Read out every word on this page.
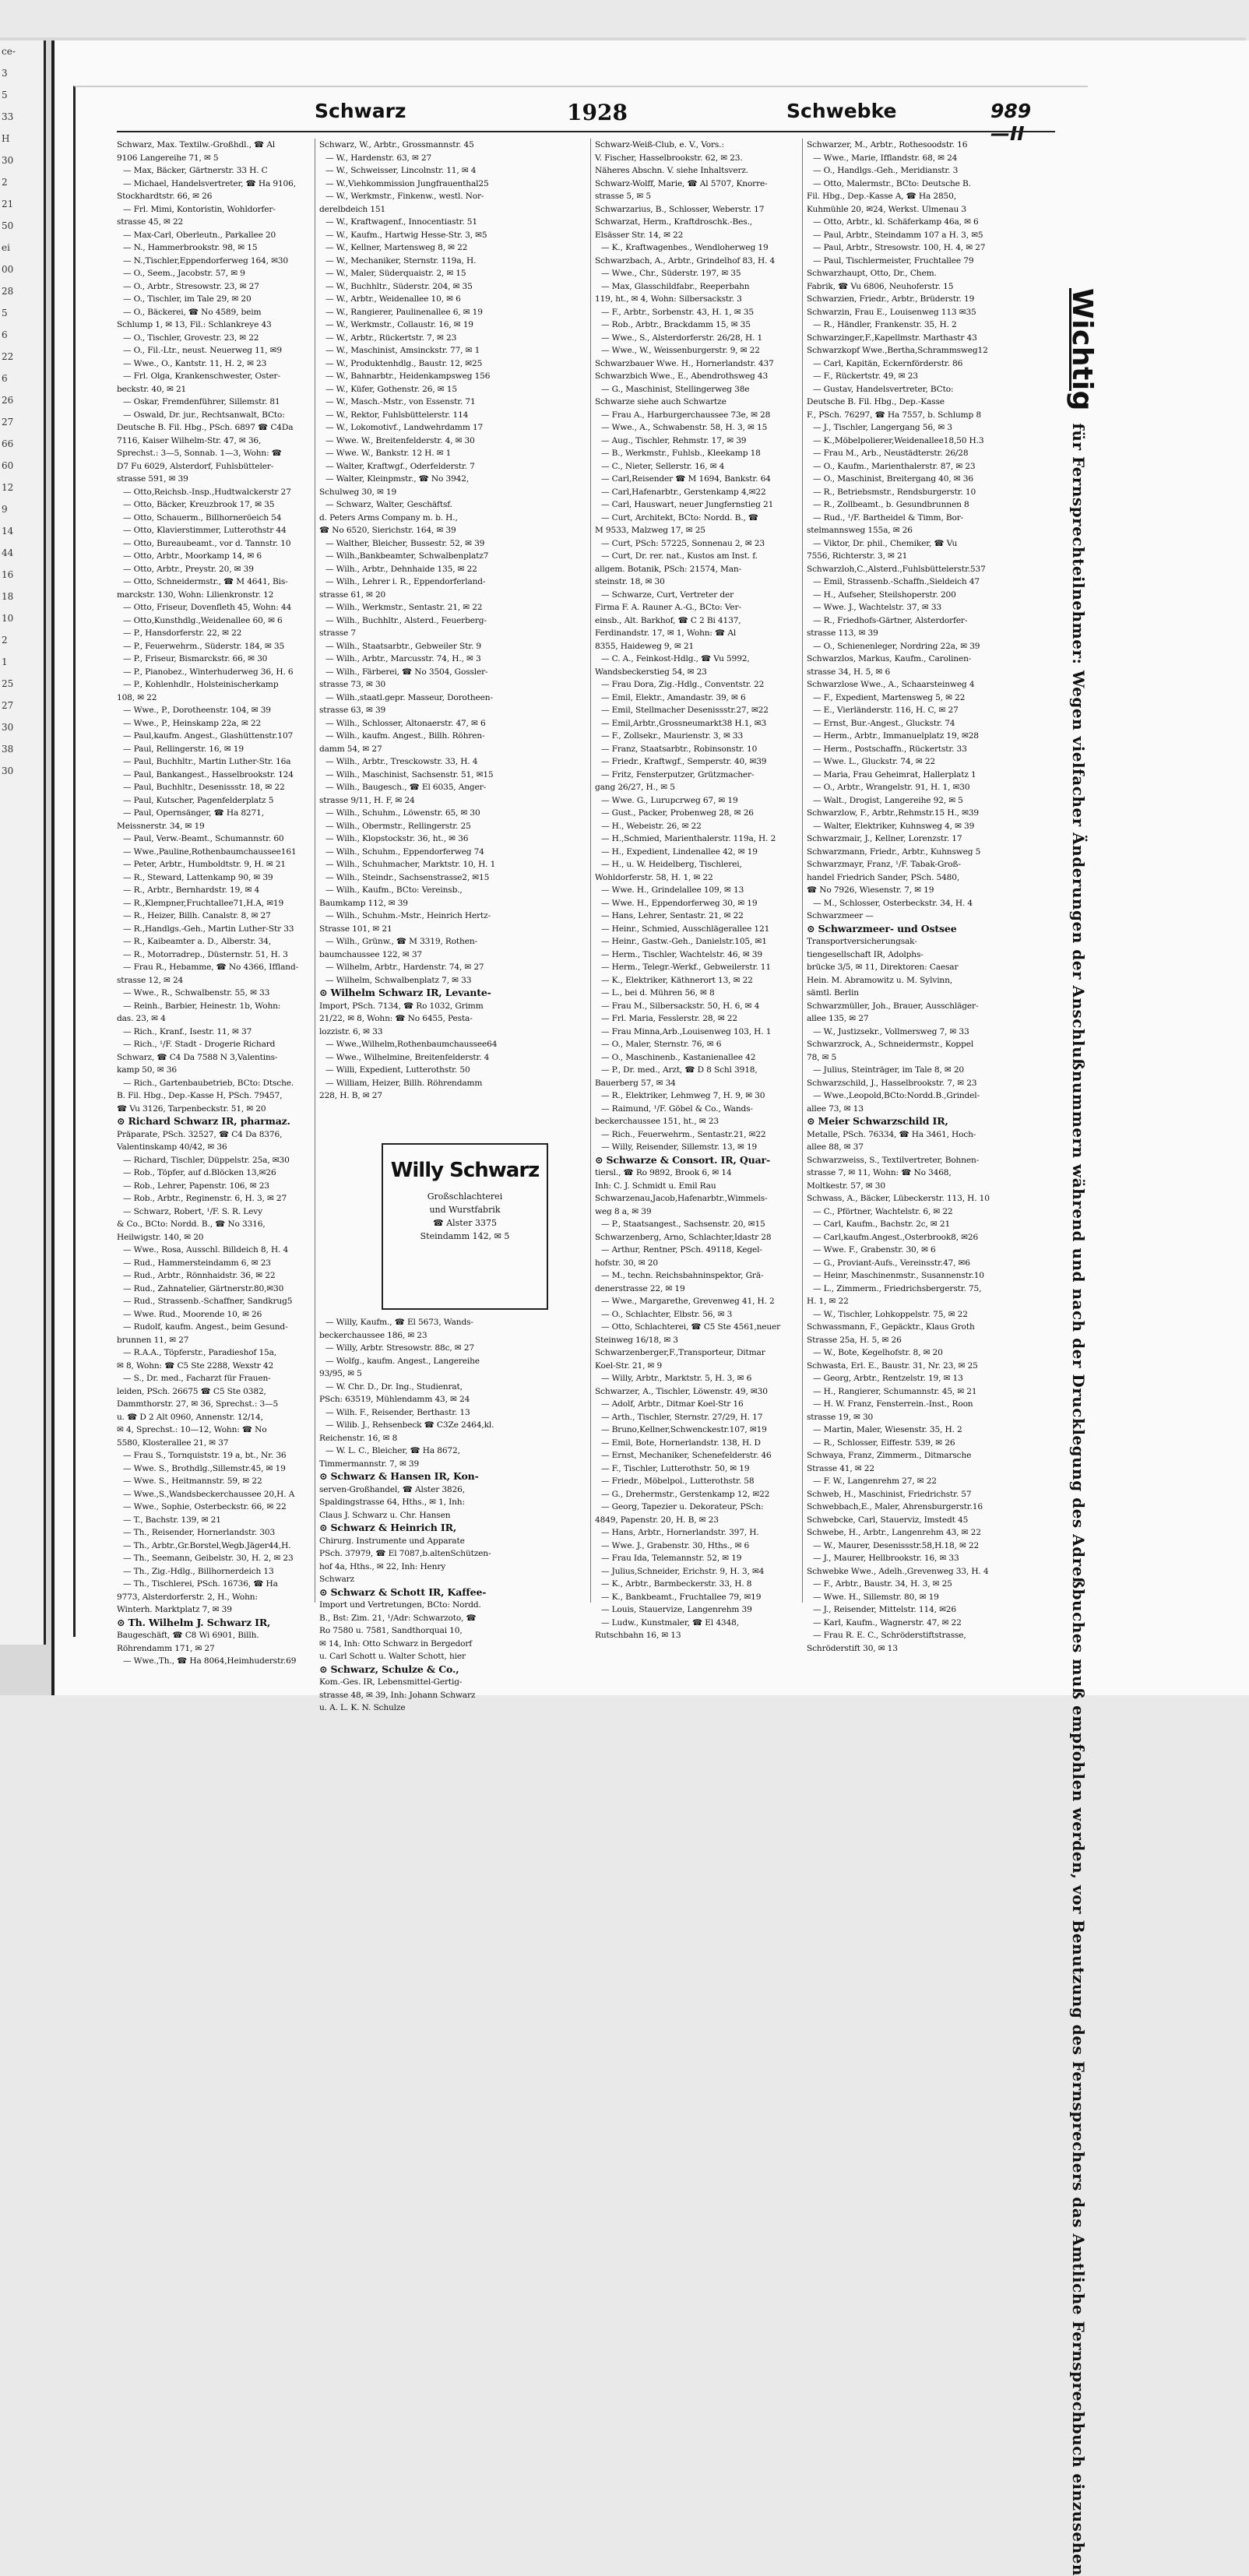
ce-
3
5
33
H
30
2
21
50
ei
00
28
5
6
22
6
26
27
66
60
12
9
14
44
16
18
10
2
1
25
27
30
38
30
Schwarz	1928	Schwebke	989—II
Schwarz, Max. Textilw.-Großhdl., ☎ Al
9106 Langereihe 71, ✉ 5
— Max, Bäcker, Gärtnerstr. 33 H. C
— Michael, Handelsvertreter, ☎ Ha 9106,
Stockhardtstr. 66, ✉ 26
— Frl. Mimi, Kontoristin, Wohldorfer-
strasse 45, ✉ 22
— Max-Carl, Oberleutn., Parkallee 20
— N., Hammerbrookstr. 98, ✉ 15
— N.,Tischler,Eppendorferweg 164, ✉30
— O., Seem., Jacobstr. 57, ✉ 9
— O., Arbtr., Stresowstr. 23, ✉ 27
— O., Tischler, im Tale 29, ✉ 20
— O., Bäckerei, ☎ No 4589, beim
Schlump 1, ✉ 13, Fil.: Schlankreye 43
— O., Tischler, Grovestr. 23, ✉ 22
— O., Fil.-Ltr., neust. Neuerweg 11, ✉9
— Wwe., O., Kantstr. 11, H. 2, ✉ 23
— Frl. Olga, Krankenschwester, Oster-
beckstr. 40, ✉ 21
— Oskar, Fremdenführer, Sillemstr. 81
— Oswald, Dr. jur., Rechtsanwalt, BCto:
Deutsche B. Fil. Hbg., PSch. 6897 ☎ C4Da
7116, Kaiser Wilhelm-Str. 47, ✉ 36,
Sprechst.: 3—5, Sonnab. 1—3, Wohn: ☎
D7 Fu 6029, Alsterdorf, Fuhlsbütteler-
strasse 591, ✉ 39
— Otto,Reichsb.-Insp.,Hudtwalckerstr 27
— Otto, Bäcker, Kreuzbrook 17, ✉ 35
— Otto, Schauerm., Billhorneröeich 54
— Otto, Klavierstimmer, Lutterothstr 44
— Otto, Bureaubeamt., vor d. Tannstr. 10
— Otto, Arbtr., Moorkamp 14, ✉ 6
— Otto, Arbtr., Preystr. 20, ✉ 39
— Otto, Schneidermstr., ☎ M 4641, Bis-
marckstr. 130, Wohn: Lilienkronstr. 12
— Otto, Friseur, Dovenfleth 45, Wohn: 44
— Otto,Kunsthdlg.,Weidenallee 60, ✉ 6
— P., Hansdorferstr. 22, ✉ 22
— P., Feuerwehrm., Süderstr. 184, ✉ 35
— P., Friseur, Bismarckstr. 66, ✉ 30
— P., Pianobez., Winterhuderweg 36, H. 6
— P., Kohlenhdlr., Holsteinischerkamp
108, ✉ 22
— Wwe., P., Dorotheenstr. 104, ✉ 39
— Wwe., P., Heinskamp 22a, ✉ 22
— Paul,kaufm. Angest., Glashüttenstr.107
— Paul, Rellingerstr. 16, ✉ 19
— Paul, Buchhltr., Martin Luther-Str. 16a
— Paul, Bankangest., Hasselbrookstr. 124
— Paul, Buchhltr., Desenissstr. 18, ✉ 22
— Paul, Kutscher, Pagenfelderplatz 5
— Paul, Opernsänger, ☎ Ha 8271,
Meissnerstr. 34, ✉ 19
— Paul, Verw.-Beamt., Schumannstr. 60
— Wwe.,Pauline,Rothenbaumchaussee161
— Peter, Arbtr., Humboldtstr. 9, H. ✉ 21
— R., Steward, Lattenkamp 90, ✉ 39
— R., Arbtr., Bernhardstr. 19, ✉ 4
— R.,Klempner,Fruchtallee71,H.A, ✉19
— R., Heizer, Billh. Canalstr. 8, ✉ 27
— R.,Handlgs.-Geh., Martin Luther-Str 33
— R., Kaibeamter a. D., Alberstr. 34,
— R., Motorradrep., Düsternstr. 51, H. 3
— Frau R., Hebamme, ☎ No 4366, Iffland-
strasse 12, ✉ 24
— Wwe., R., Schwalbenstr. 55, ✉ 33
— Reinh., Barbier, Heinestr. 1b, Wohn:
das. 23, ✉ 4
— Rich., Kranf., Isestr. 11, ✉ 37
— Rich., ¹/F. Stadt - Drogerie Richard
Schwarz, ☎ C4 Da 7588 N 3,Valentins-
kamp 50, ✉ 36
— Rich., Gartenbaubetrieb, BCto: Dtsche.
B. Fil. Hbg., Dep.-Kasse H, PSch. 79457,
☎ Vu 3126, Tarpenbeckstr. 51, ✉ 20
⊙ Richard Schwarz IR, pharmaz.
Präparate, PSch. 32527, ☎ C4 Da 8376,
Valentinskamp 40/42, ✉ 36
— Richard, Tischler, Düppelstr. 25a, ✉30
— Rob., Töpfer, auf d.Blöcken 13,✉26
— Rob., Lehrer, Papenstr. 106, ✉ 23
— Rob., Arbtr., Reginenstr. 6, H. 3, ✉ 27
— Schwarz, Robert, ¹/F. S. R. Levy
& Co., BCto: Nordd. B., ☎ No 3316,
Heilwigstr. 140, ✉ 20
— Wwe., Rosa, Ausschl. Billdeich 8, H. 4
— Rud., Hammersteindamm 6, ✉ 23
— Rud., Arbtr., Rönnhaidstr. 36, ✉ 22
— Rud., Zahnatelier, Gärtnerstr.80,✉30
— Rud., Strassenb.-Schaffner, Sandkrug5
— Wwe. Rud., Moorende 10, ✉ 26
— Rudolf, kaufm. Angest., beim Gesund-
brunnen 11, ✉ 27
— R.A.A., Töpferstr., Paradieshof 15a,
✉ 8, Wohn: ☎ C5 Ste 2288, Wexstr 42
— S., Dr. med., Facharzt für Frauen-
leiden, PSch. 26675 ☎ C5 Ste 0382,
Dammthorstr. 27, ✉ 36, Sprechst.: 3—5
u. ☎ D 2 Alt 0960, Annenstr. 12/14,
✉ 4, Sprechst.: 10—12, Wohn: ☎ No
5580, Klosterallee 21, ✉ 37
— Frau S., Tornquiststr. 19 a, bt., Nr. 36
— Wwe. S., Brothdlg.,Sillemstr.45, ✉ 19
— Wwe. S., Heitmannstr. 59, ✉ 22
— Wwe.,S.,Wandsbeckerchaussee 20,H. A
— Wwe., Sophie, Osterbeckstr. 66, ✉ 22
— T., Bachstr. 139, ✉ 21
— Th., Reisender, Hornerlandstr. 303
— Th., Arbtr.,Gr.Borstel,Wegb.Jäger44,H.
— Th., Seemann, Geibelstr. 30, H. 2, ✉ 23
— Th., Zig.-Hdlg., Billhornerdeich 13
— Th., Tischlerei, PSch. 16736, ☎ Ha
9773, Alsterdorferstr. 2, H., Wohn:
Winterh. Marktplatz 7, ✉ 39
⊙ Th. Wilhelm J. Schwarz IR,
Baugeschäft, ☎ C8 Wi 6901, Billh.
Röhrendamm 171, ✉ 27
— Wwe.,Th., ☎ Ha 8064,Heimhuderstr.69
Schwarz, W., Arbtr., Grossmannstr. 45
— W., Hardenstr. 63, ✉ 27
— W., Schweisser, Lincolnstr. 11, ✉ 4
— W.,Viehkommission Jungfrauenthal25
— W., Werkmstr., Finkenw., westl. Nor-
derelbdeich 151
— W., Kraftwagenf., Innocentiastr. 51
— W., Kaufm., Hartwig Hesse-Str. 3, ✉5
— W., Kellner, Martensweg 8, ✉ 22
— W., Mechaniker, Sternstr. 119a, H.
— W., Maler, Süderquaistr. 2, ✉ 15
— W., Buchhltr., Süderstr. 204, ✉ 35
— W., Arbtr., Weidenallee 10, ✉ 6
— W., Rangierer, Paulinenallee 6, ✉ 19
— W., Werkmstr., Collaustr. 16, ✉ 19
— W., Arbtr., Rückertstr. 7, ✉ 23
— W., Maschinist, Amsinckstr. 77, ✉ 1
— W., Produktenhdlg., Baustr. 12, ✉25
— W., Bahnarbtr., Heidenkampsweg 156
— W., Küfer, Gothenstr. 26, ✉ 15
— W., Masch.-Mstr., von Essenstr. 71
— W., Rektor, Fuhlsbüttelerstr. 114
— W., Lokomotivf., Landwehrdamm 17
— Wwe. W., Breitenfelderstr. 4, ✉ 30
— Wwe. W., Bankstr. 12 H. ✉ 1
— Walter, Kraftwgf., Oderfelderstr. 7
— Walter, Kleinpmstr., ☎ No 3942,
Schulweg 30, ✉ 19
— Schwarz, Walter, Geschäftsf.
d. Peters Arms Company m. b. H.,
☎ No 6520, Sierichstr. 164, ✉ 39
— Walther, Bleicher, Bussestr. 52, ✉ 39
— Wilh.,Bankbeamter, Schwalbenplatz7
— Wilh., Arbtr., Dehnhaide 135, ✉ 22
— Wilh., Lehrer i. R., Eppendorferland-
strasse 61, ✉ 20
— Wilh., Werkmstr., Sentastr. 21, ✉ 22
— Wilh., Buchhltr., Alsterd., Feuerberg-
strasse 7
— Wilh., Staatsarbtr., Gebweiler Str. 9
— Wilh., Arbtr., Marcusstr. 74, H., ✉ 3
— Wilh., Färberei, ☎ No 3504, Gossler-
strasse 73, ✉ 30
— Wilh.,staatl.gepr. Masseur, Dorotheen-
strasse 63, ✉ 39
— Wilh., Schlosser, Altonaerstr. 47, ✉ 6
— Wilh., kaufm. Angest., Billh. Röhren-
damm 54, ✉ 27
— Wilh., Arbtr., Tresckowstr. 33, H. 4
— Wilh., Maschinist, Sachsenstr. 51, ✉15
— Wilh., Baugesch., ☎ El 6035, Anger-
strasse 9/11, H. F, ✉ 24
— Wilh., Schuhm., Löwenstr. 65, ✉ 30
— Wilh., Obermstr., Rellingerstr. 25
— Wilh., Klopstockstr. 36, ht., ✉ 36
— Wilh., Schuhm., Eppendorferweg 74
— Wilh., Schuhmacher, Marktstr. 10, H. 1
— Wilh., Steindr., Sachsenstrasse2, ✉15
— Wilh., Kaufm., BCto: Vereinsb.,
Baumkamp 112, ✉ 39
— Wilh., Schuhm.-Mstr., Heinrich Hertz-
Strasse 101, ✉ 21
— Wilh., Grünw., ☎ M 3319, Rothen-
baumchaussee 122, ✉ 37
— Wilhelm, Arbtr., Hardenstr. 74, ✉ 27
— Wilhelm, Schwalbenplatz 7, ✉ 33
⊙ Wilhelm Schwarz IR, Levante-
Import, PSch. 7134, ☎ Ro 1032, Grimm
21/22, ✉ 8, Wohn: ☎ No 6455, Pesta-
lozzistr. 6, ✉ 33
— Wwe.,Wilhelm,Rothenbaumchaussee64
— Wwe., Wilhelmine, Breitenfelderstr. 4
— Willi, Expedient, Lutterothstr. 50
— William, Heizer, Billh. Röhrendamm
228, H. B, ✉ 27
Schwarz-Weiß-Club, e. V., Vors.:
V. Fischer, Hasselbrookstr. 62, ✉ 23.
Näheres Abschn. V. siehe Inhaltsverz.
Schwarz-Wolff, Marie, ☎ Al 5707, Knorre-
strasse 5, ✉ 5
Schwarzarius, B., Schlosser, Weberstr. 17
Schwarzat, Herm., Kraftdroschk.-Bes.,
Elsässer Str. 14, ✉ 22
— K., Kraftwagenbes., Wendloherweg 19
Schwarzbach, A., Arbtr., Grindelhof 83, H. 4
— Wwe., Chr., Süderstr. 197, ✉ 35
— Max, Glasschildfabr., Reeperbahn
119, ht., ✉ 4, Wohn: Silbersackstr. 3
— F., Arbtr., Sorbenstr. 43, H. 1, ✉ 35
— Rob., Arbtr., Brackdamm 15, ✉ 35
— Wwe., S., Alsterdorferstr. 26/28, H. 1
— Wwe., W., Weissenburgerstr. 9, ✉ 22
Schwarzbauer Wwe. H., Hornerlandstr. 437
Schwarzbich Wwe., E., Abendrothsweg 43
— G., Maschinist, Stellingerweg 38e
Schwarze siehe auch Schwartze
— Frau A., Harburgerchaussee 73e, ✉ 28
— Wwe., A., Schwabenstr. 58, H. 3, ✉ 15
— Aug., Tischler, Rehmstr. 17, ✉ 39
— B., Werkmstr., Fuhlsb., Kleekamp 18
— C., Nieter, Sellerstr. 16, ✉ 4
— Carl,Reisender ☎ M 1694, Bankstr. 64
— Carl,Hafenarbtr., Gerstenkamp 4,✉22
— Carl, Hauswart, neuer Jungfernstieg 21
— Curt, Architekt, BCto: Nordd. B., ☎
M 9533, Malzweg 17, ✉ 25
— Curt, PSch: 57225, Sonnenau 2, ✉ 23
— Curt, Dr. rer. nat., Kustos am Inst. f.
allgem. Botanik, PSch: 21574, Man-
steinstr. 18, ✉ 30
— Schwarze, Curt, Vertreter der
Firma F. A. Rauner A.-G., BCto: Ver-
einsb., Alt. Barkhof, ☎ C 2 Bi 4137,
Ferdinandstr. 17, ✉ 1, Wohn: ☎ Al
8355, Haideweg 9, ✉ 21
— C. A., Feinkost-Hdlg., ☎ Vu 5992,
Wandsbeckerstieg 54, ✉ 23
— Frau Dora, Zig.-Hdlg., Conventstr. 22
— Emil, Elektr., Amandastr. 39, ✉ 6
— Emil, Stellmacher Desenissstr.27, ✉22
— Emil,Arbtr.,Grossneumarkt38 H.1, ✉3
— F., Zollsekr., Maurienstr. 3, ✉ 33
— Franz, Staatsarbtr., Robinsonstr. 10
— Friedr., Kraftwgf., Semperstr. 40, ✉39
— Fritz, Fensterputzer, Grützmacher-
gang 26/27, H., ✉ 5
— Wwe. G., Lurupcrweg 67, ✉ 19
— Gust., Packer, Probenweg 28, ✉ 26
— H., Webeistr. 26, ✉ 22
— H.,Schmied, Marienthalerstr. 119a, H. 2
— H., Expedient, Lindenallee 42, ✉ 19
— H., u. W. Heidelberg, Tischlerei,
Wohldorferstr. 58, H. 1, ✉ 22
— Wwe. H., Grindelallee 109, ✉ 13
— Wwe. H., Eppendorferweg 30, ✉ 19
— Hans, Lehrer, Sentastr. 21, ✉ 22
— Heinr., Schmied, Ausschlägerallee 121
— Heinr., Gastw.-Geh., Danielstr.105, ✉1
— Herm., Tischler, Wachtelstr. 46, ✉ 39
— Herm., Telegr.-Werkf., Gebweilerstr. 11
— K., Elektriker, Käthnerort 13, ✉ 22
— L., bei d. Mühren 56, ✉ 8
— Frau M., Silbersackstr. 50, H. 6, ✉ 4
— Frl. Maria, Fesslerstr. 28, ✉ 22
— Frau Minna,Arb.,Louisenweg 103, H. 1
— O., Maler, Sternstr. 76, ✉ 6
— O., Maschinenb., Kastanienallee 42
— P., Dr. med., Arzt, ☎ D 8 Schl 3918,
Bauerberg 57, ✉ 34
— R., Elektriker, Lehmweg 7, H. 9, ✉ 30
— Raimund, ¹/F. Göbel & Co., Wands-
beckerchaussee 151, ht., ✉ 23
— Rich., Feuerwehrm., Sentastr.21, ✉22
— Willy, Reisender, Sillemstr. 13, ✉ 19
⊙ Schwarze & Consort. IR, Quar-
tiersl., ☎ Ro 9892, Brook 6, ✉ 14
Inh: C. J. Schmidt u. Emil Rau
Schwarzenau,Jacob,Hafenarbtr.,Wimmels-
weg 8 a, ✉ 39
— P., Staatsangest., Sachsenstr. 20, ✉15
Schwarzenberg, Arno, Schlachter,Idastr 28
— Arthur, Rentner, PSch. 49118, Kegel-
hofstr. 30, ✉ 20
— M., techn. Reichsbahninspektor, Grä-
denerstrasse 22, ✉ 19
— Wwe., Margarethe, Grevenweg 41, H. 2
— O., Schlachter, Elbstr. 56, ✉ 3
— Otto, Schlachterei, ☎ C5 Ste 4561,neuer
Steinweg 16/18, ✉ 3
Schwarzenberger,F.,Transporteur, Ditmar
Koel-Str. 21, ✉ 9
— Willy, Arbtr., Marktstr. 5, H. 3, ✉ 6
Schwarzer, A., Tischler, Löwenstr. 49, ✉30
— Adolf, Arbtr., Ditmar Koel-Str 16
— Arth., Tischler, Sternstr. 27/29, H. 17
— Bruno,Kellner,Schwenckestr.107, ✉19
— Emil, Bote, Hornerlandstr. 138, H. D
— Ernst, Mechaniker, Schenefelderstr. 46
— F., Tischler, Lutterothstr. 50, ✉ 19
— Friedr., Möbelpol., Lutterothstr. 58
— G., Drehermstr., Gerstenkamp 12, ✉22
— Georg, Tapezier u. Dekorateur, PSch:
4849, Papenstr. 20, H. B, ✉ 23
— Hans, Arbtr., Hornerlandstr. 397, H.
— Wwe. J., Grabenstr. 30, Hths., ✉ 6
— Frau Ida, Telemannstr. 52, ✉ 19
— Julius,Schneider, Erichstr. 9, H. 3, ✉4
— K., Arbtr., Barmbeckerstr. 33, H. 8
— K., Bankbeamt., Fruchtallee 79, ✉19
— Louis, Stauervize, Langenrehm 39
— Ludw., Kunstmaler, ☎ El 4348,
Rutschbahn 16, ✉ 13
Schwarzer, M., Arbtr., Rothesoodstr. 16
— Wwe., Marie, Ifflandstr. 68, ✉ 24
— O., Handlgs.-Geh., Meridianstr. 3
— Otto, Malermstr., BCto: Deutsche B.
Fil. Hbg., Dep.-Kasse A, ☎ Ha 2850,
Kuhmühle 20, ✉24, Werkst. Ulmenau 3
— Otto, Arbtr., kl. Schäferkamp 46a, ✉ 6
— Paul, Arbtr., Steindamm 107 a H. 3, ✉5
— Paul, Arbtr., Stresowstr. 100, H. 4, ✉ 27
— Paul, Tischlermeister, Fruchtallee 79
Schwarzhaupt, Otto, Dr., Chem.
Fabrik, ☎ Vu 6806, Neuhoferstr. 15
Schwarzien, Friedr., Arbtr., Brüderstr. 19
Schwarzin, Frau E., Louisenweg 113 ✉35
— R., Händler, Frankenstr. 35, H. 2
Schwarzinger,F.,Kapellmstr. Marthastr 43
Schwarzkopf Wwe.,Bertha,Schrammsweg12
— Carl, Kapitän, Eckernförderstr. 86
— F., Rückertstr. 49, ✉ 23
— Gustav, Handelsvertreter, BCto:
Deutsche B. Fil. Hbg., Dep.-Kasse
F., PSch. 76297, ☎ Ha 7557, b. Schlump 8
— J., Tischler, Langergang 56, ✉ 3
— K.,Möbelpolierer,Weidenallee18,50 H.3
— Frau M., Arb., Neustädterstr. 26/28
— O., Kaufm., Marienthalerstr. 87, ✉ 23
— O., Maschinist, Breitergang 40, ✉ 36
— R., Betriebsmstr., Rendsburgerstr. 10
— R., Zollbeamt., b. Gesundbrunnen 8
— Rud., ¹/F. Bartheidel & Timm, Bor-
stelmannsweg 155a, ✉ 26
— Viktor, Dr. phil., Chemiker, ☎ Vu
7556, Richterstr. 3, ✉ 21
Schwarzloh,C.,Alsterd.,Fuhlsbüttelerstr.537
— Emil, Strassenb.-Schaffn.,Sieldeich 47
— H., Aufseher, Steilshoperstr. 200
— Wwe. J., Wachtelstr. 37, ✉ 33
— R., Friedhofs-Gärtner, Alsterdorfer-
strasse 113, ✉ 39
— O., Schienenleger, Nordring 22a, ✉ 39
Schwarzlos, Markus, Kaufm., Carolinen-
strasse 34, H. 5, ✉ 6
Schwarzlose Wwe., A., Schaarsteinweg 4
— F., Expedient, Martensweg 5, ✉ 22
— E., Vierländerstr. 116, H. C, ✉ 27
— Ernst, Bur.-Angest., Gluckstr. 74
— Herm., Arbtr., Immanuelplatz 19, ✉28
— Herm., Postschaffn., Rückertstr. 33
— Wwe. L., Gluckstr. 74, ✉ 22
— Maria, Frau Geheimrat, Hallerplatz 1
— O., Arbtr., Wrangelstr. 91, H. 1, ✉30
— Walt., Drogist, Langereihe 92, ✉ 5
Schwarzlow, F., Arbtr.,Rehmstr.15 H., ✉39
— Walter, Elektriker, Kuhnsweg 4, ✉ 39
Schwarzmair, J., Kellner, Lorenzstr. 17
Schwarzmann, Friedr., Arbtr., Kuhnsweg 5
Schwarzmayr, Franz, ¹/F. Tabak-Groß-
handel Friedrich Sander, PSch. 5480,
☎ No 7926, Wiesenstr. 7, ✉ 19
— M., Schlosser, Osterbeckstr. 34, H. 4
Schwarzmeer —
⊙ Schwarzmeer- und Ostsee
Transportversicherungsak-
tiengesellschaft IR, Adolphs-
brücke 3/5, ✉ 11, Direktoren: Caesar
Hein. M. Abramowitz u. M. Sylvinn,
sämtl. Berlin
Schwarzmüller, Joh., Brauer, Ausschläger-
allee 135, ✉ 27
— W., Justizsekr., Vollmersweg 7, ✉ 33
Schwarzrock, A., Schneidermstr., Koppel
78, ✉ 5
— Julius, Steinträger, im Tale 8, ✉ 20
Schwarzschild, J., Hasselbrookstr. 7, ✉ 23
— Wwe.,Leopold,BCto:Nordd.B.,Grindel-
allee 73, ✉ 13
⊙ Meier Schwarzschild IR,
Metalle, PSch. 76334, ☎ Ha 3461, Hoch-
allee 88, ✉ 37
Schwarzweiss, S., Textilvertreter, Bohnen-
strasse 7, ✉ 11, Wohn: ☎ No 3468,
Moltkestr. 57, ✉ 30
Schwass, A., Bäcker, Lübeckerstr. 113, H. 10
— C., Pförtner, Wachtelstr. 6, ✉ 22
— Carl, Kaufm., Bachstr. 2c, ✉ 21
— Carl,kaufm.Angest.,Osterbrook8, ✉26
— Wwe. F., Grabenstr. 30, ✉ 6
— G., Proviant-Aufs., Vereinsstr.47, ✉6
— Heinr, Maschinenmstr., Susannenstr.10
— L., Zimmerm., Friedrichsbergerstr. 75,
H. 1, ✉ 22
— W., Tischler, Lohkoppelstr. 75, ✉ 22
Schwassmann, F., Gepäcktr., Klaus Groth
Strasse 25a, H. 5, ✉ 26
— W., Bote, Kegelhofstr. 8, ✉ 20
Schwasta, Erl. E., Baustr. 31, Nr. 23, ✉ 25
— Georg, Arbtr., Rentzelstr. 19, ✉ 13
— H., Rangierer, Schumannstr. 45, ✉ 21
— H. W. Franz, Fensterrein.-Inst., Roon
strasse 19, ✉ 30
— Martin, Maler, Wiesenstr. 35, H. 2
— R., Schlosser, Eiffestr. 539, ✉ 26
Schwaya, Franz, Zimmerm., Ditmarsche
Strasse 41, ✉ 22
— F. W., Langenrehm 27, ✉ 22
Schweb, H., Maschinist, Friedrichstr. 57
Schwebbach,E., Maler, Ahrensburgerstr.16
Schwebcke, Carl, Stauerviz, Imstedt 45
Schwebe, H., Arbtr., Langenrehm 43, ✉ 22
— W., Maurer, Desenissstr.58,H.18, ✉ 22
— J., Maurer, Hellbrookstr. 16, ✉ 33
Schwebke Wwe., Adelh.,Grevenweg 33, H. 4
— F., Arbtr., Baustr. 34, H. 3, ✉ 25
— Wwe. H., Sillemstr. 80, ✉ 19
— J., Reisender, Mittelstr. 114, ✉26
— Karl, Kaufm., Wagnerstr. 47, ✉ 22
— Frau R. E. C., Schröderstiftstrasse,
Schröderstift 30, ✉ 13
Willy Schwarz
Großschlachterei
und Wurstfabrik
☎ Alster 3375
Steindamm 142, ✉ 5
— Willy, Kaufm., ☎ El 5673, Wands-
beckerchaussee 186, ✉ 23
— Willy, Arbtr. Stresowstr. 88c, ✉ 27
— Wolfg., kaufm. Angest., Langereihe
93/95, ✉ 5
— W. Chr. D., Dr. Ing., Studienrat,
PSch: 63519, Mühlendamm 43, ✉ 24
— Wilh. F., Reisender, Berthastr. 13
— Wilib. J., Rehsenbeck ☎ C3Ze 2464,kl.
Reichenstr. 16, ✉ 8
— W. L. C., Bleicher, ☎ Ha 8672,
Timmermannstr. 7, ✉ 39
⊙ Schwarz & Hansen IR, Kon-
serven-Großhandel, ☎ Alster 3826,
Spaldingstrasse 64, Hths., ✉ 1, Inh:
Claus J. Schwarz u. Chr. Hansen
⊙ Schwarz & Heinrich IR,
Chirurg. Instrumente und Apparate
PSch. 37979, ☎ El 7087,b.altenSchützen-
hof 4a, Hths., ✉ 22, Inh: Henry
Schwarz
⊙ Schwarz & Schott IR, Kaffee-
Import und Vertretungen, BCto: Nordd.
B., Bst: Zim. 21, ¹/Adr: Schwarzoto, ☎
Ro 7580 u. 7581, Sandthorquai 10,
✉ 14, Inh: Otto Schwarz in Bergedorf
u. Carl Schott u. Walter Schott, hier
⊙ Schwarz, Schulze & Co.,
Kom.-Ges. IR, Lebensmittel-Gertig-
strasse 48, ✉ 39, Inh: Johann Schwarz
u. A. L. K. N. Schulze
Wichtig für Fernsprechteilnehmer: Wegen vielfacher Änderungen der Anschlußnummern während und nach der Drucklegung des Adreßbuches muß empfohlen werden, vor Benutzung des Fernsprechers das Amtliche Fernsprechbuch einzusehen
